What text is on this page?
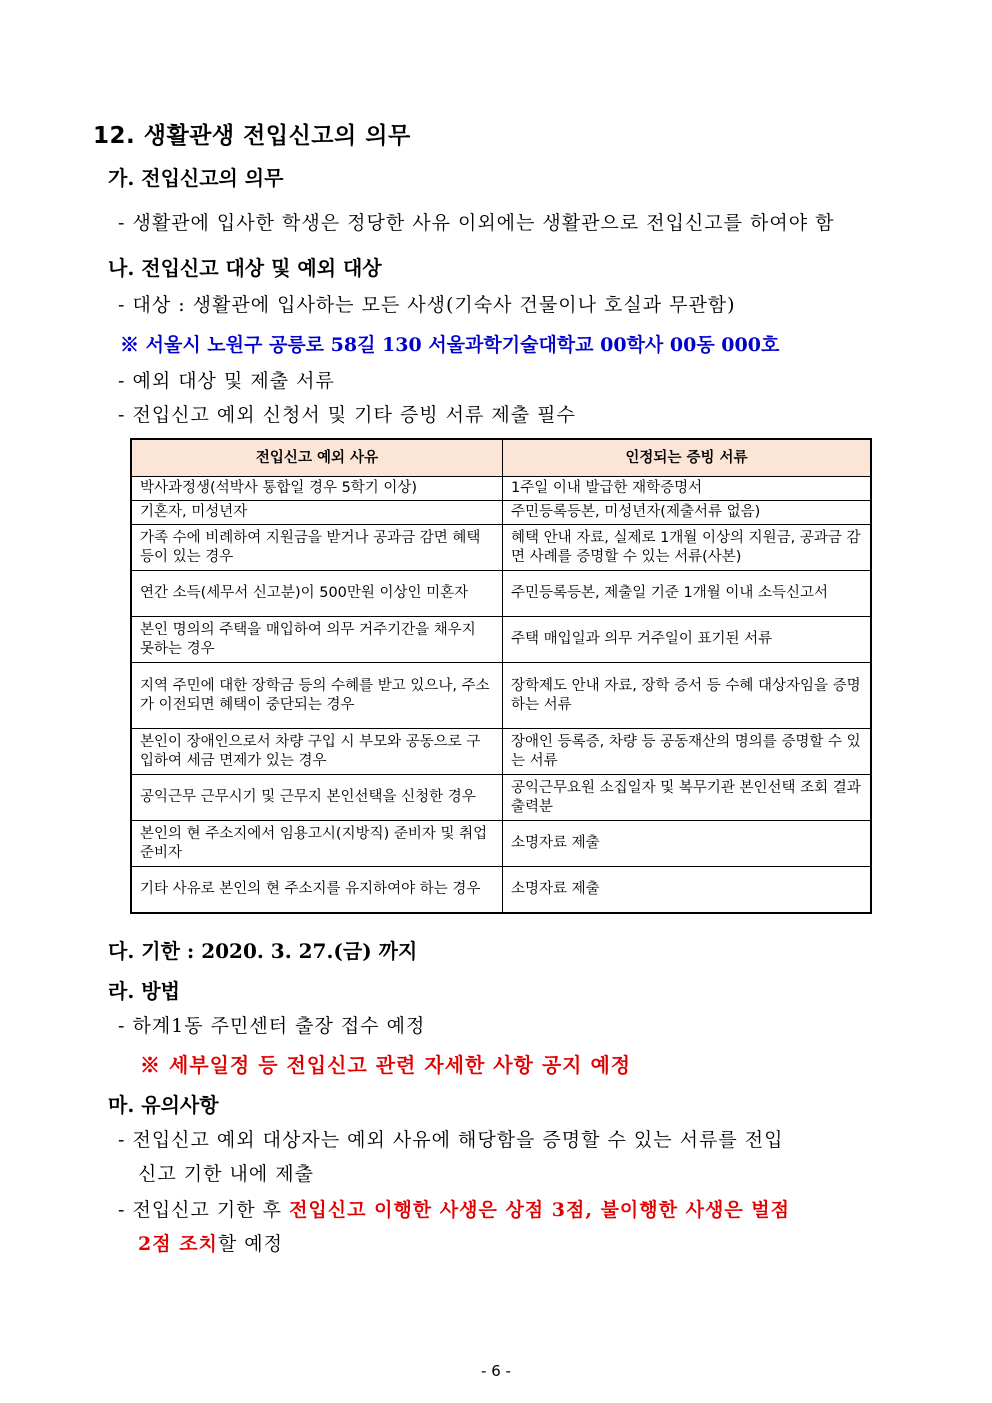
12. 생활관생 전입신고의 의무
가. 전입신고의 의무
- 생활관에 입사한 학생은 정당한 사유 이외에는 생활관으로 전입신고를 하여야 함
나. 전입신고 대상 및 예외 대상
- 대상 : 생활관에 입사하는 모든 사생(기숙사 건물이나 호실과 무관함)
※ 서울시 노원구 공릉로 58길 130 서울과학기술대학교 00학사 00동 000호
- 예외 대상 및 제출 서류
- 전입신고 예외 신청서 및 기타 증빙 서류 제출 필수
전입신고 예외 사유	인정되는 증빙 서류
박사과정생(석박사 통합일 경우 5학기 이상)	1주일 이내 발급한 재학증명서
기혼자, 미성년자	주민등록등본, 미성년자(제출서류 없음)
가족 수에 비례하여 지원금을 받거나 공과금 감면 혜택 등이 있는 경우	혜택 안내 자료, 실제로 1개월 이상의 지원금, 공과금 감면 사례를 증명할 수 있는 서류(사본)
연간 소득(세무서 신고분)이 500만원 이상인 미혼자	주민등록등본, 제출일 기준 1개월 이내 소득신고서
본인 명의의 주택을 매입하여 의무 거주기간을 채우지 못하는 경우	주택 매입일과 의무 거주일이 표기된 서류
지역 주민에 대한 장학금 등의 수혜를 받고 있으나, 주소가 이전되면 혜택이 중단되는 경우	장학제도 안내 자료, 장학 증서 등 수혜 대상자임을 증명하는 서류
본인이 장애인으로서 차량 구입 시 부모와 공동으로 구입하여 세금 면제가 있는 경우	장애인 등록증, 차량 등 공동재산의 명의를 증명할 수 있는 서류
공익근무 근무시기 및 근무지 본인선택을 신청한 경우	공익근무요원 소집일자 및 복무기관 본인선택 조회 결과 출력분
본인의 현 주소지에서 임용고시(지방직) 준비자 및 취업 준비자	소명자료 제출
기타 사유로 본인의 현 주소지를 유지하여야 하는 경우	소명자료 제출
다. 기한 : 2020. 3. 27.(금) 까지
라. 방법
- 하계1동 주민센터 출장 접수 예정
※ 세부일정 등 전입신고 관련 자세한 사항 공지 예정
마. 유의사항
- 전입신고 예외 대상자는 예외 사유에 해당함을 증명할 수 있는 서류를 전입
신고 기한 내에 제출
- 전입신고 기한 후 전입신고 이행한 사생은 상점 3점, 불이행한 사생은 벌점
2점 조치할 예정
- 6 -
